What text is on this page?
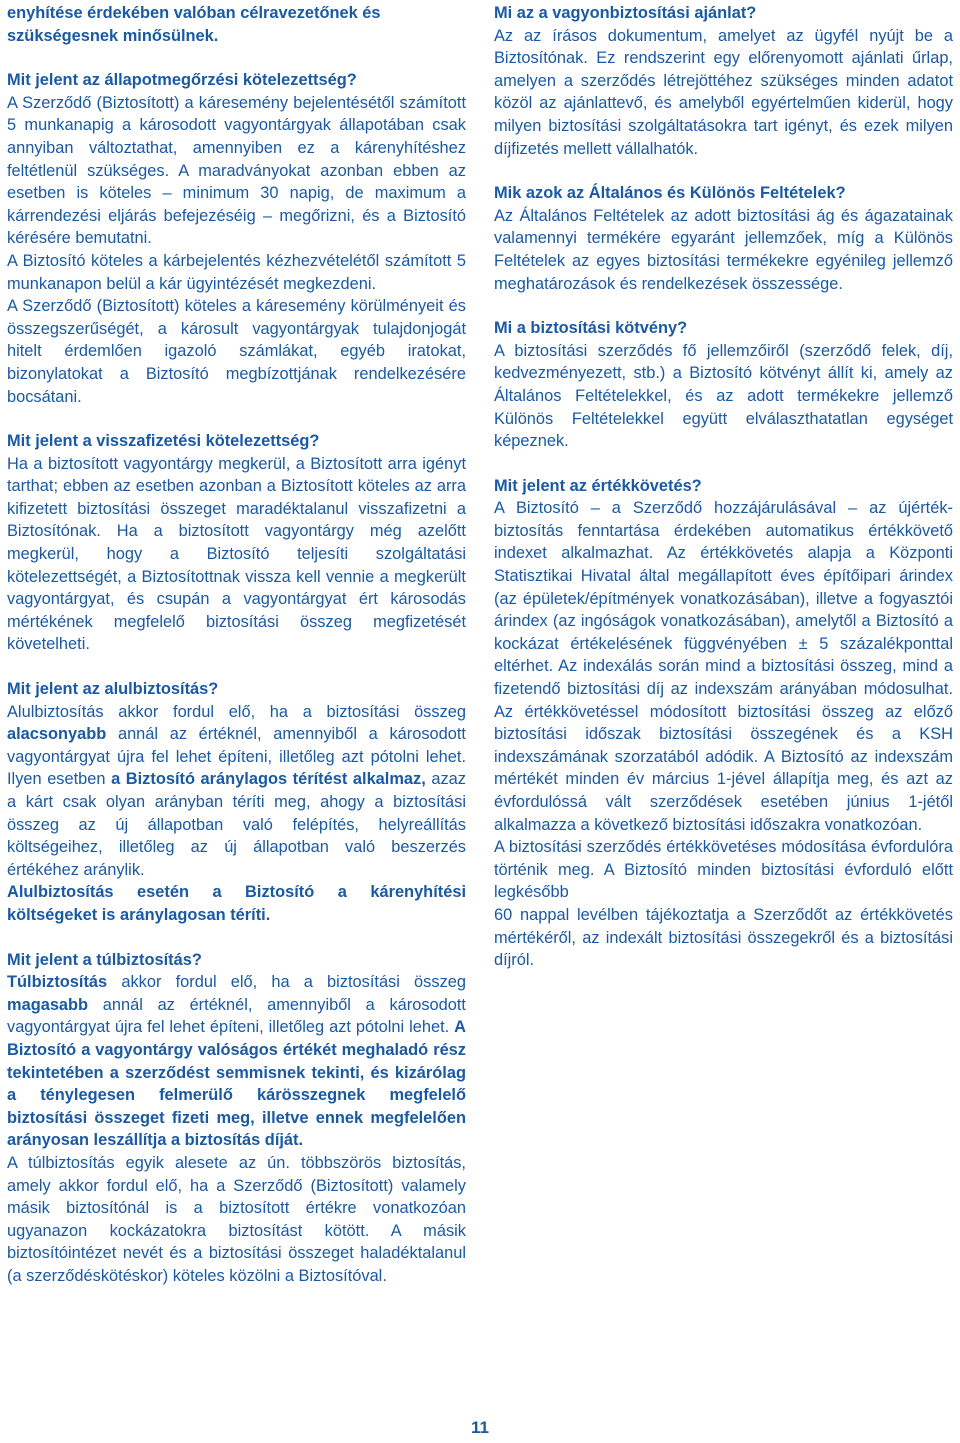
enyhítése érdekében valóban célravezetőnek és szükségesnek minősülnek.
Mit jelent az állapotmegőrzési kötelezettség?

A Szerződő (Biztosított) a káresemény bejelentésétől számított 5 munkanapig a károsodott vagyontárgyak állapotában csak annyiban változtathat, amennyiben ez a kárenyhítéshez feltétlenül szükséges. A maradványokat azonban ebben az esetben is köteles – minimum 30 napig, de maximum a kárrendezési eljárás befejezéséig – megőrizni, és a Biztosító kérésére bemutatni.

A Biztosító köteles a kárbejelentés kézhezvételétől számított 5 munkanapon belül a kár ügyintézését megkezdeni.

A Szerződő (Biztosított) köteles a káresemény körülményeit és összegszerűségét, a károsult vagyontárgyak tulajdonjogát hitelt érdemlően igazoló számlákat, egyéb iratokat, bizonylatokat a Biztosító megbízottjának rendelkezésére bocsátani.

Mit jelent a visszafizetési kötelezettség?

Ha a biztosított vagyontárgy megkerül, a Biztosított arra igényt tarthat; ebben az esetben azonban a Biztosított köteles az arra kifizetett biztosítási összeget maradéktalanul visszafizetni a Biztosítónak. Ha a biztosított vagyontárgy még azelőtt megkerül, hogy a Biztosító teljesíti szolgáltatási kötelezettségét, a Biztosítottnak vissza kell vennie a megkerült vagyontárgyat, és csupán a vagyontárgyat ért károsodás mértékének megfelelő biztosítási összeg megfizetését követelheti.

Mit jelent az alulbiztosítás?

Alulbiztosítás akkor fordul elő, ha a biztosítási összeg alacsonyabb annál az értéknél, amennyiből a károsodott vagyontárgyat újra fel lehet építeni, illetőleg azt pótolni lehet. Ilyen esetben a Biztosító aránylagos térítést alkalmaz, azaz a kárt csak olyan arányban téríti meg, ahogy a biztosítási összeg az új állapotban való felépítés, helyreállítás költségeihez, illetőleg az új állapotban való beszerzés értékéhez aránylik.

Alulbiztosítás esetén a Biztosító a kárenyhítési költségeket is aránylagosan téríti.

Mit jelent a túlbiztosítás?

Túlbiztosítás akkor fordul elő, ha a biztosítási összeg magasabb annál az értéknél, amennyiből a károsodott vagyontárgyat újra fel lehet építeni, illetőleg azt pótolni lehet. A Biztosító a vagyontárgy valóságos értékét meghaladó rész tekintetében a szerződést semmisnek tekinti, és kizárólag a ténylegesen felmerülő kárösszegnek megfelelő biztosítási összeget fizeti meg, illetve ennek megfelelően arányosan leszállítja a biztosítás díját.

A túlbiztosítás egyik alesete az ún. többszörös biztosítás, amely akkor fordul elő, ha a Szerződő (Biztosított) valamely másik biztosítónál is a biztosított értékre vonatkozóan ugyanazon kockázatokra biztosítást kötött. A másik biztosítóintézet nevét és a biztosítási összeget haladéktalanul (a szerződéskötéskor) köteles közölni a Biztosítóval.

Mi az a vagyonbiztosítási ajánlat?

Az az írásos dokumentum, amelyet az ügyfél nyújt be a Biztosítónak. Ez rendszerint egy előrenyomott ajánlati űrlap, amelyen a szerződés létrejöttéhez szükséges minden adatot közöl az ajánlattevő, és amelyből egyértelműen kiderül, hogy milyen biztosítási szolgáltatásokra tart igényt, és ezek milyen díjfizetés mellett vállalhatók.

Mik azok az Általános és Különös Feltételek?

Az Általános Feltételek az adott biztosítási ág és ágazatainak valamennyi termékére egyaránt jellemzőek, míg a Különös Feltételek az egyes biztosítási termékekre egyénileg jellemző meghatározások és rendelkezések összessége.

Mi a biztosítási kötvény?

A biztosítási szerződés fő jellemzőiről (szerződő felek, díj, kedvezményezett, stb.) a Biztosító kötvényt állít ki, amely az Általános Feltételekkel, és az adott termékekre jellemző Különös Feltételekkel együtt elválaszthatatlan egységet képeznek.

Mit jelent az értékkövetés?

A Biztosító – a Szerződő hozzájárulásával – az újérték-biztosítás fenntartása érdekében automatikus értékkövető indexet alkalmazhat. Az értékkövetés alapja a Központi Statisztikai Hivatal által megállapított éves építőipari árindex (az épületek/építmények vonatkozásában), illetve a fogyasztói árindex (az ingóságok vonatkozásában), amelytől a Biztosító a kockázat értékelésének függvényében ± 5 százalékponttal eltérhet. Az indexálás során mind a biztosítási összeg, mind a fizetendő biztosítási díj az indexszám arányában módosulhat. Az értékkövetéssel módosított biztosítási összeg az előző biztosítási időszak biztosítási összegének és a KSH indexszámának szorzatából adódik. A Biztosító az indexszám mértékét minden év március 1-jével állapítja meg, és azt az évfordulóssá vált szerződések esetében június 1-jétől alkalmazza a következő biztosítási időszakra vonatkozóan.

A biztosítási szerződés értékkövetéses módosítása évfordulóra történik meg. A Biztosító minden biztosítási évforduló előtt legkésőbb

60 nappal levélben tájékoztatja a Szerződőt az értékkövetés mértékéről, az indexált biztosítási összegekről és a biztosítási díjról.

11
